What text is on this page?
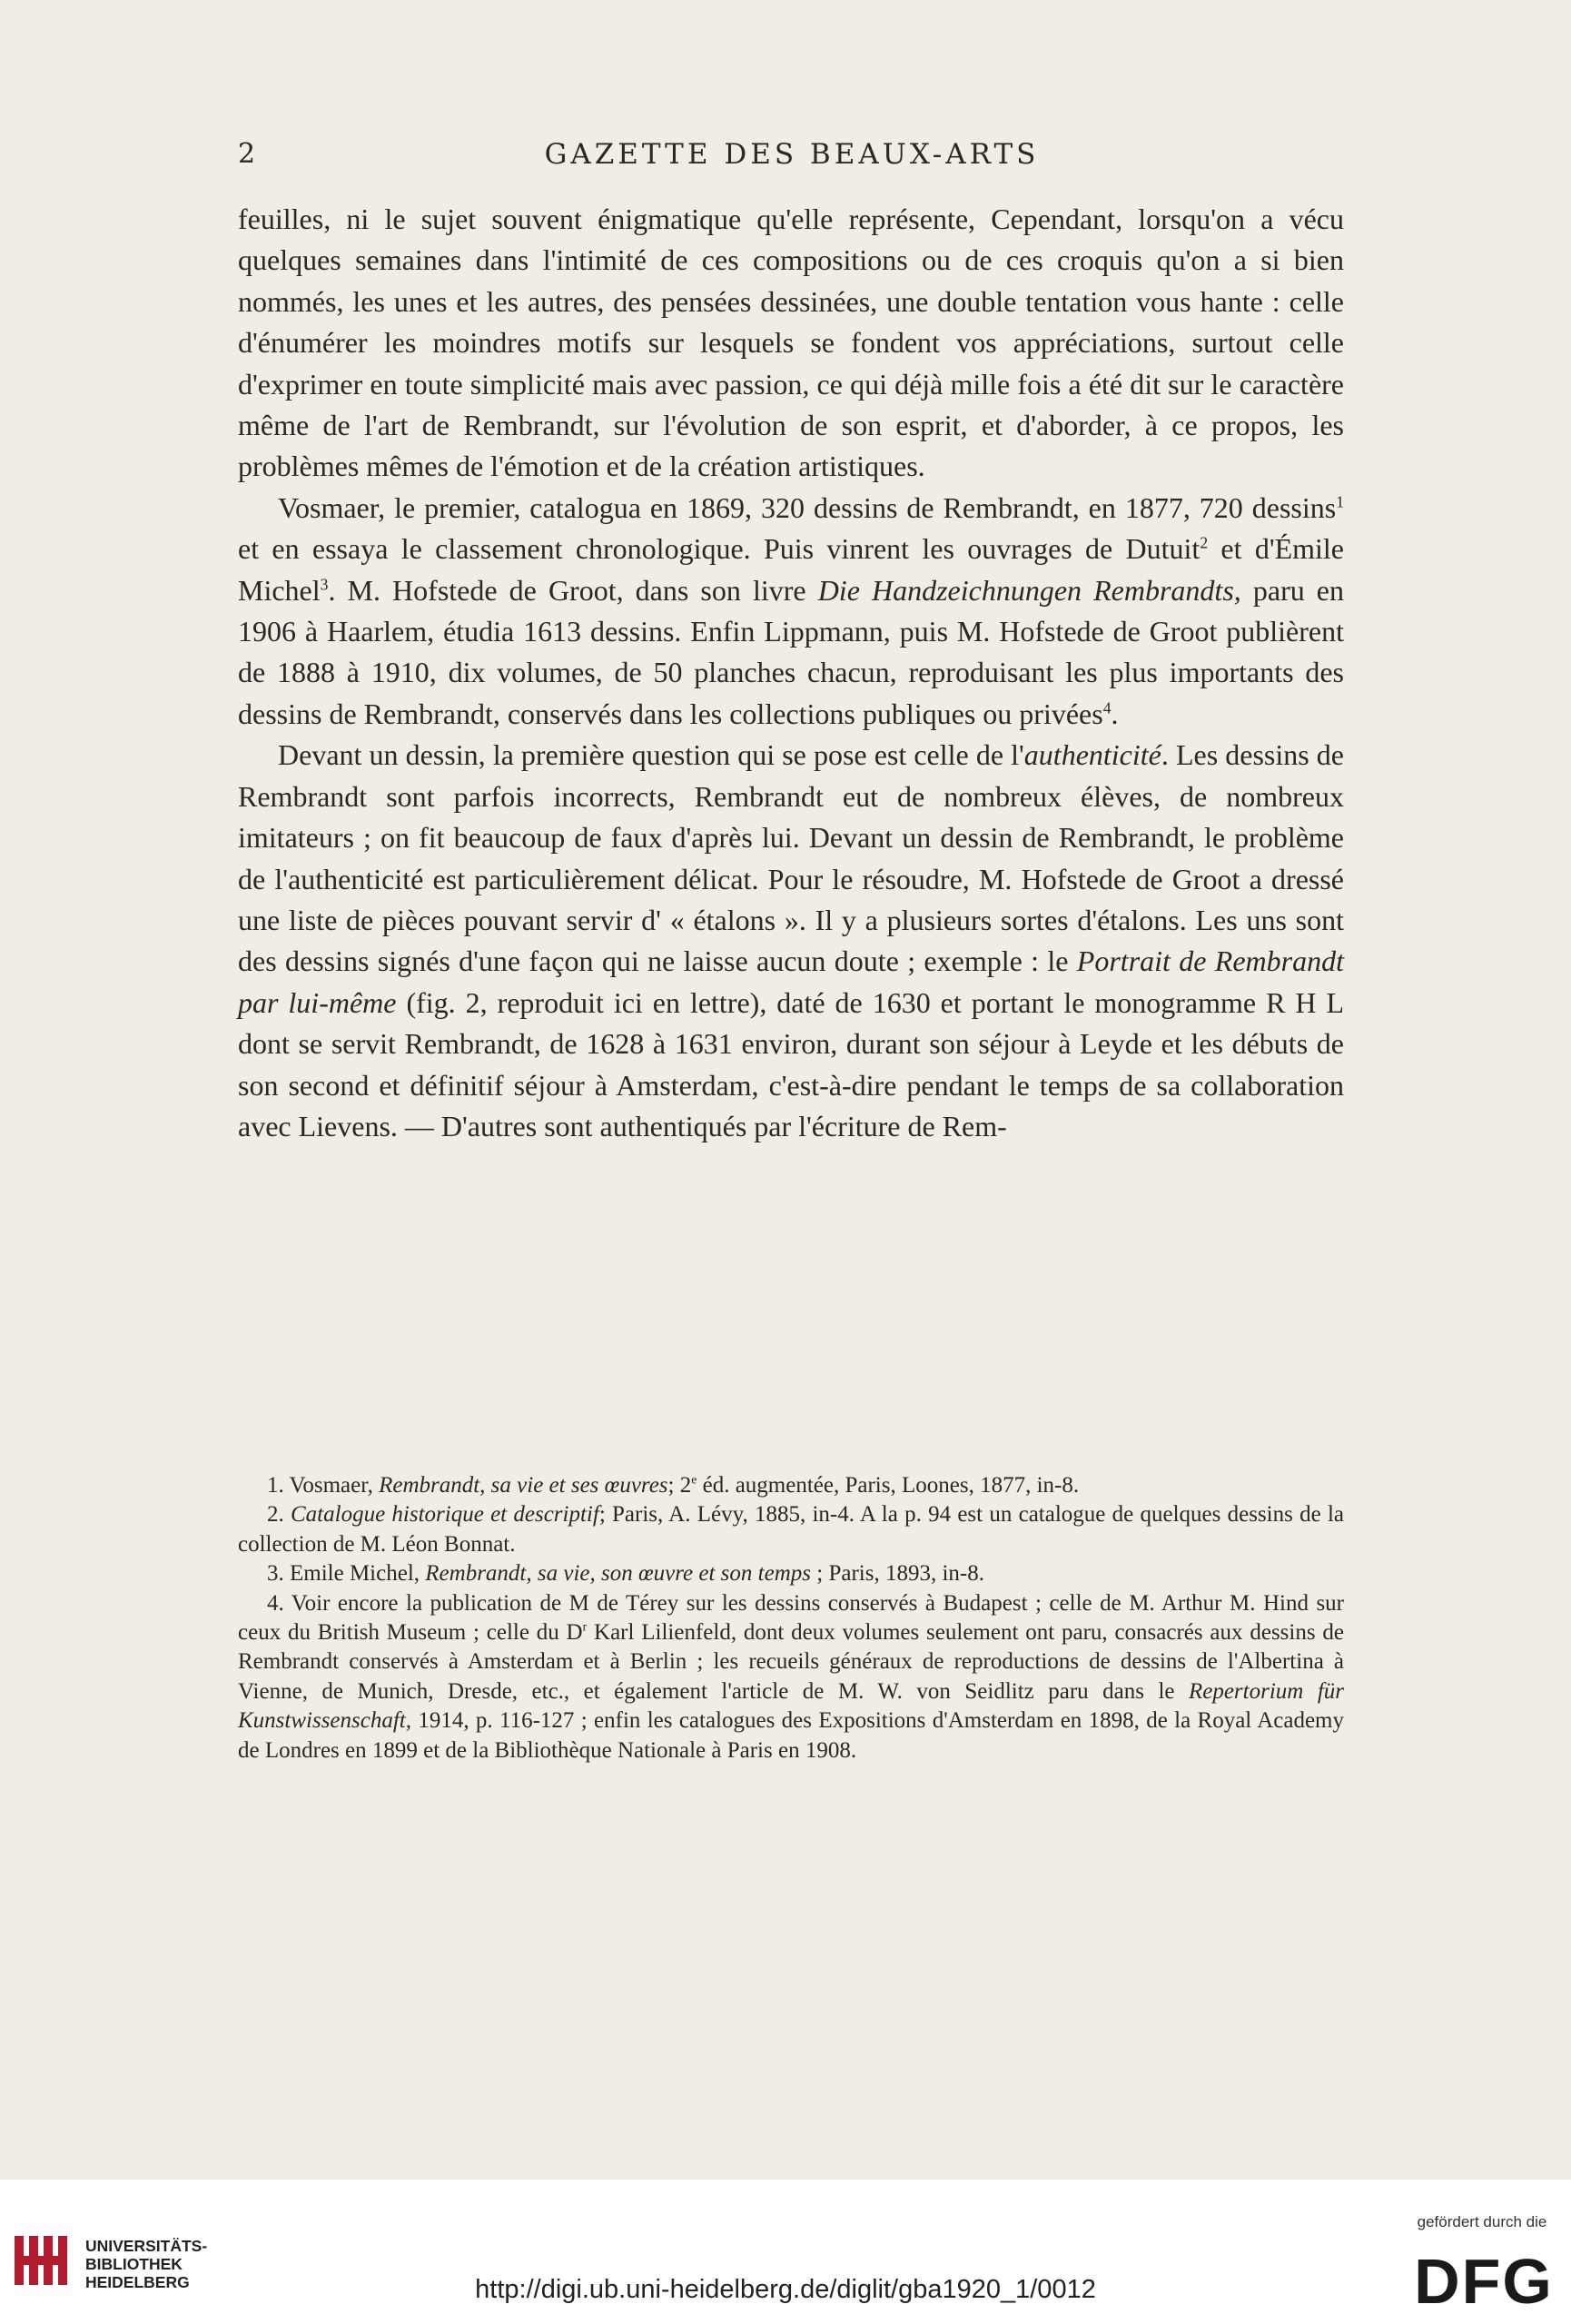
2	GAZETTE DES BEAUX-ARTS

feuilles, ni le sujet souvent énigmatique qu'elle représente, Cependant, lorsqu'on a vécu quelques semaines dans l'intimité de ces compositions ou de ces croquis qu'on a si bien nommés, les unes et les autres, des pensées dessinées, une double tentation vous hante : celle d'énumérer les moindres motifs sur lesquels se fondent vos appréciations, surtout celle d'exprimer en toute simplicité mais avec passion, ce qui déjà mille fois a été dit sur le caractère même de l'art de Rembrandt, sur l'évolution de son esprit, et d'aborder, à ce propos, les problèmes mêmes de l'émotion et de la création artistiques.

Vosmaer, le premier, catalogua en 1869, 320 dessins de Rembrandt, en 1877, 720 dessins$^1$ et en essaya le classement chronologique. Puis vinrent les ouvrages de Dutuit$^2$ et d'Émile Michel$^3$. M. Hofstede de Groot, dans son livre Die Handzeichnungen Rembrandts, paru en 1906 à Haarlem, étudia 1613 dessins. Enfin Lippmann, puis M. Hofstede de Groot publièrent de 1888 à 1910, dix volumes, de 50 planches chacun, reproduisant les plus importants des dessins de Rembrandt, conservés dans les collections publiques ou privées$^4$.

Devant un dessin, la première question qui se pose est celle de l'authenticité. Les dessins de Rembrandt sont parfois incorrects, Rembrandt eut de nombreux élèves, de nombreux imitateurs ; on fit beaucoup de faux d'après lui. Devant un dessin de Rembrandt, le problème de l'authenticité est particulièrement délicat. Pour le résoudre, M. Hofstede de Groot a dressé une liste de pièces pouvant servir d' « étalons ». Il y a plusieurs sortes d'étalons. Les uns sont des dessins signés d'une façon qui ne laisse aucun doute ; exemple : le Portrait de Rembrandt par lui-même (fig. 2, reproduit ici en lettre), daté de 1630 et portant le monogramme R H L dont se servit Rembrandt, de 1628 à 1631 environ, durant son séjour à Leyde et les débuts de son second et définitif séjour à Amsterdam, c'est-à-dire pendant le temps de sa collaboration avec Lievens. — D'autres sont authentiqués par l'écriture de Rem-

1. Vosmaer, Rembrandt, sa vie et ses œuvres; 2e éd. augmentée, Paris, Loones, 1877, in-8.

2. Catalogue historique et descriptif; Paris, A. Lévy, 1885, in-4. A la p. 94 est un catalogue de quelques dessins de la collection de M. Léon Bonnat.

3. Emile Michel, Rembrandt, sa vie, son œuvre et son temps ; Paris, 1893, in-8.

4. Voir encore la publication de M de Térey sur les dessins conservés à Budapest ; celle de M. Arthur M. Hind sur ceux du British Museum ; celle du $D^r$ Karl Lilienfeld, dont deux volumes seulement ont paru, consacrés aux dessins de Rembrandt conservés à Amsterdam et à Berlin ; les recueils généraux de reproductions de dessins de l'Albertina à Vienne, de Munich, Dresde, etc., et également l'article de M. W. von Seidlitz paru dans le Repertorium für Kunstwissenschaft, 1914, p. 116-127 ; enfin les catalogues des Expositions d'Amsterdam en 1898, de la Royal Academy de Londres en 1899 et de la Bibliothèque Nationale à Paris en 1908.

UNIVERSITÄTS-
BIBLIOTHEK
HEIDELBERG	http://digi.ub.uni-heidelberg.de/diglit/gba1920_1/0012
gefördert durch die
DFG
